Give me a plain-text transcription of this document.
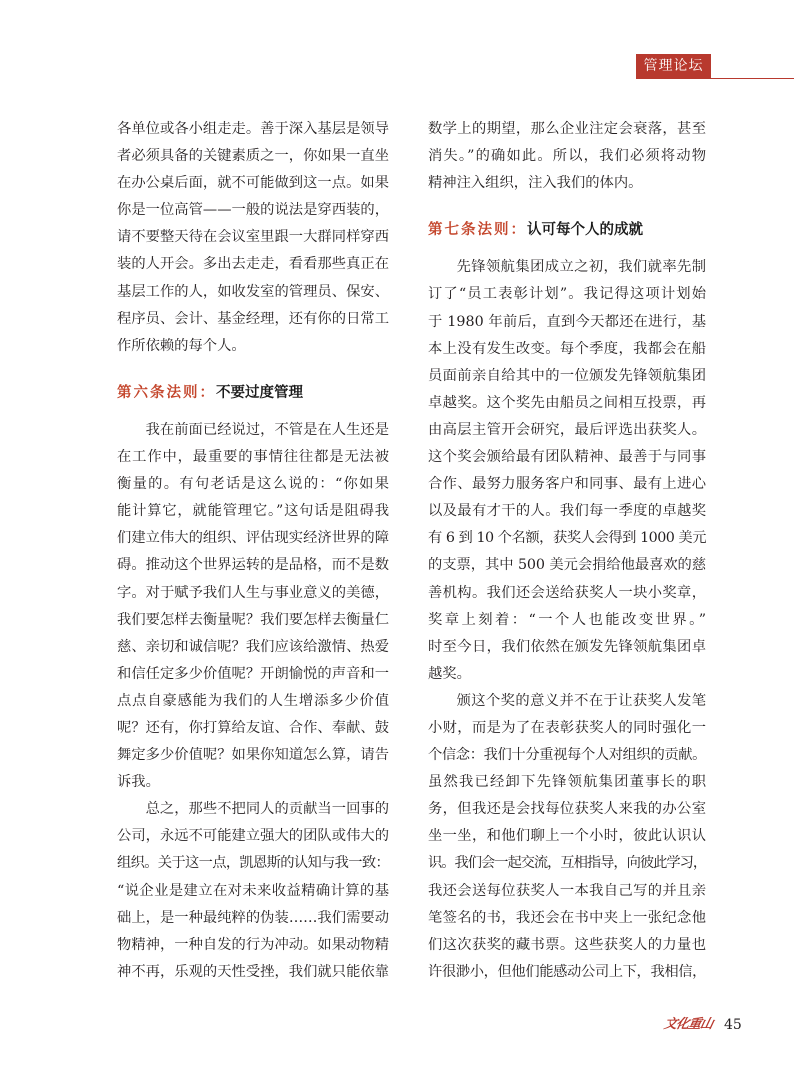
管理论坛
各单位或各小组走走。善于深入基层是领导
者必须具备的关键素质之一，你如果一直坐
在办公桌后面，就不可能做到这一点。如果
你是一位高管——一般的说法是穿西装的，
请不要整天待在会议室里跟一大群同样穿西
装的人开会。多出去走走，看看那些真正在
基层工作的人，如收发室的管理员、保安、
程序员、会计、基金经理，还有你的日常工
作所依赖的每个人。
第六条法则：不要过度管理
我在前面已经说过，不管是在人生还是
在工作中，最重要的事情往往都是无法被
衡量的。有句老话是这么说的：“你如果
能计算它，就能管理它。”这句话是阻碍我
们建立伟大的组织、评估现实经济世界的障
碍。推动这个世界运转的是品格，而不是数
字。对于赋予我们人生与事业意义的美德，
我们要怎样去衡量呢？我们要怎样去衡量仁
慈、亲切和诚信呢？我们应该给激情、热爱
和信任定多少价值呢？开朗愉悦的声音和一
点点自豪感能为我们的人生增添多少价值
呢？还有，你打算给友谊、合作、奉献、鼓
舞定多少价值呢？如果你知道怎么算，请告
诉我。
总之，那些不把同人的贡献当一回事的
公司，永远不可能建立强大的团队或伟大的
组织。关于这一点，凯恩斯的认知与我一致：
“说企业是建立在对未来收益精确计算的基
础上，是一种最纯粹的伪装……我们需要动
物精神，一种自发的行为冲动。如果动物精
神不再，乐观的天性受挫，我们就只能依靠
数学上的期望，那么企业注定会衰落，甚至
消失。”的确如此。所以，我们必须将动物
精神注入组织，注入我们的体内。
第七条法则：认可每个人的成就
先锋领航集团成立之初，我们就率先制
订了“员工表彰计划”。我记得这项计划始
于 1980 年前后，直到今天都还在进行，基
本上没有发生改变。每个季度，我都会在船
员面前亲自给其中的一位颁发先锋领航集团
卓越奖。这个奖先由船员之间相互投票，再
由高层主管开会研究，最后评选出获奖人。
这个奖会颁给最有团队精神、最善于与同事
合作、最努力服务客户和同事、最有上进心
以及最有才干的人。我们每一季度的卓越奖
有 6 到 10 个名额，获奖人会得到 1000 美元
的支票，其中 500 美元会捐给他最喜欢的慈
善机构。我们还会送给获奖人一块小奖章，
奖章上刻着：“一个人也能改变世界。”
时至今日，我们依然在颁发先锋领航集团卓
越奖。
颁这个奖的意义并不在于让获奖人发笔
小财，而是为了在表彰获奖人的同时强化一
个信念：我们十分重视每个人对组织的贡献。
虽然我已经卸下先锋领航集团董事长的职
务，但我还是会找每位获奖人来我的办公室
坐一坐，和他们聊上一个小时，彼此认识认
识。我们会一起交流，互相指导，向彼此学习，
我还会送每位获奖人一本我自己写的并且亲
笔签名的书，我还会在书中夹上一张纪念他
们这次获奖的藏书票。这些获奖人的力量也
许很渺小，但他们能感动公司上下，我相信，
文化重山 45
